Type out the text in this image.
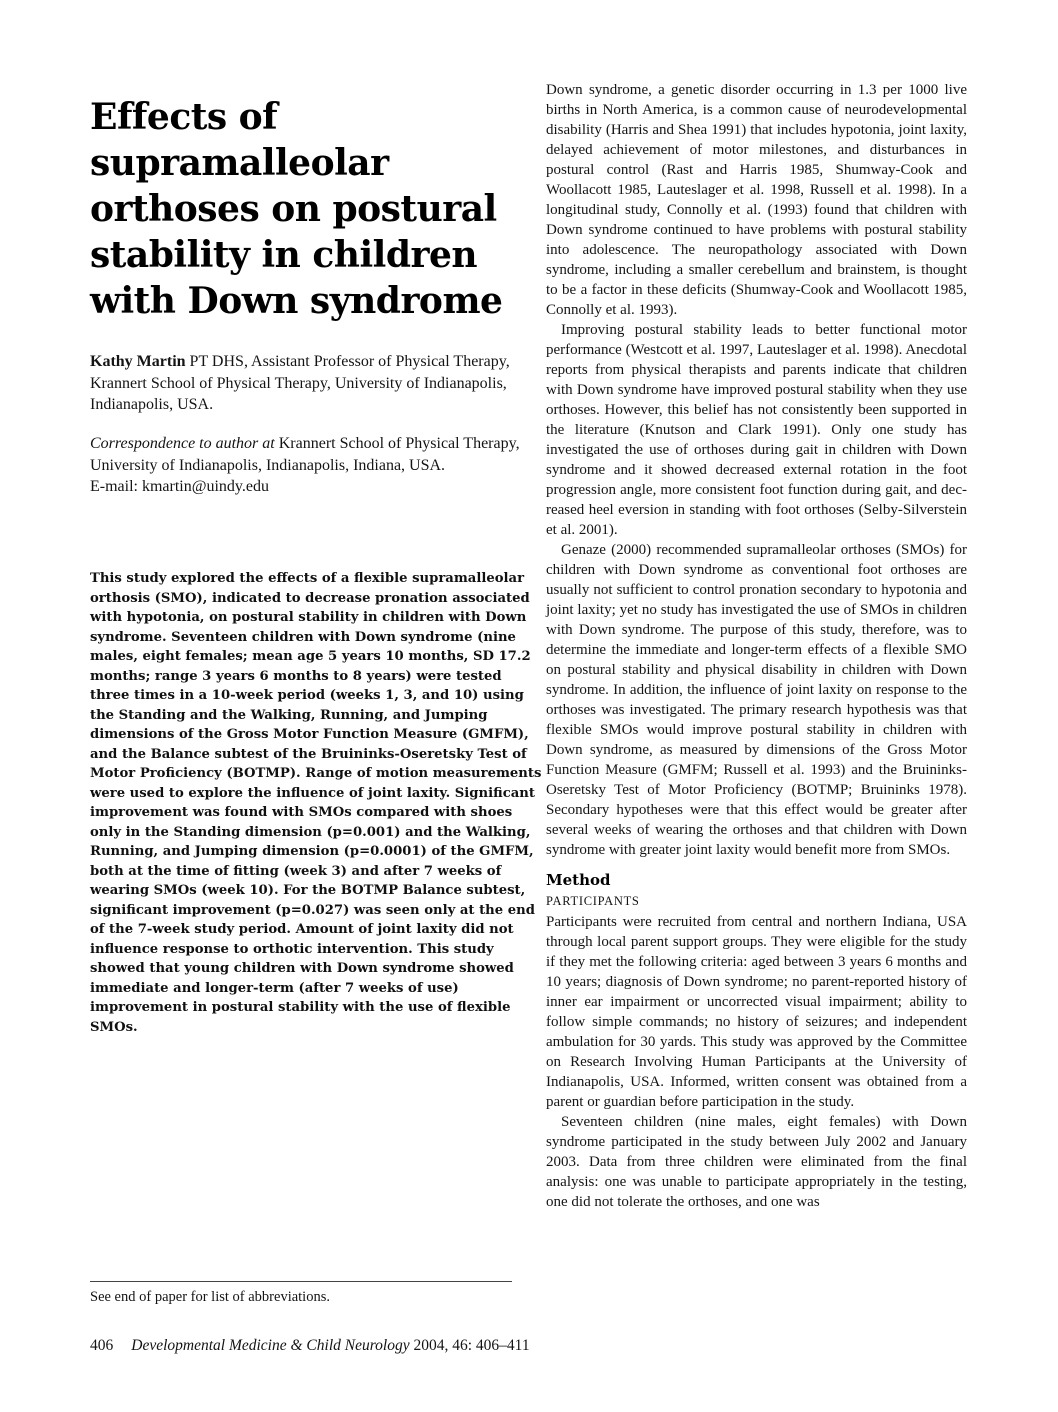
Effects of
supramalleolar
orthoses on postural
stability in children
with Down syndrome
Kathy Martin PT DHS, Assistant Professor of Physical Therapy, Krannert School of Physical Therapy, University of Indianapolis, Indianapolis, USA.
Correspondence to author at Krannert School of Physical Therapy, University of Indianapolis, Indianapolis, Indiana, USA.
E-mail: kmartin@uindy.edu
This study explored the effects of a flexible supramalleolar orthosis (SMO), indicated to decrease pronation associated with hypotonia, on postural stability in children with Down syndrome. Seventeen children with Down syndrome (nine males, eight females; mean age 5 years 10 months, SD 17.2 months; range 3 years 6 months to 8 years) were tested three times in a 10-week period (weeks 1, 3, and 10) using the Standing and the Walking, Running, and Jumping dimensions of the Gross Motor Function Measure (GMFM), and the Balance subtest of the Bruininks-Oseretsky Test of Motor Proficiency (BOTMP). Range of motion measurements were used to explore the influence of joint laxity. Significant improvement was found with SMOs compared with shoes only in the Standing dimension (p=0.001) and the Walking, Running, and Jumping dimension (p=0.0001) of the GMFM, both at the time of fitting (week 3) and after 7 weeks of wearing SMOs (week 10). For the BOTMP Balance subtest, significant improvement (p=0.027) was seen only at the end of the 7-week study period. Amount of joint laxity did not influence response to orthotic intervention. This study showed that young children with Down syndrome showed immediate and longer-term (after 7 weeks of use) improvement in postural stability with the use of flexible SMOs.
See end of paper for list of abbreviations.
406 Developmental Medicine & Child Neurology 2004, 46: 406–411

Down syndrome, a genetic disorder occurring in 1.3 per 1000 live births in North America, is a common cause of neurodevelopmental disability (Harris and Shea 1991) that includes hypotonia, joint laxity, delayed achievement of motor milestones, and disturbances in postural control (Rast and Harris 1985, Shumway-Cook and Woollacott 1985, Lauteslager et al. 1998, Russell et al. 1998). In a longitudinal study, Connolly et al. (1993) found that children with Down syndrome continued to have problems with postural stability into adolescence. The neuropathology associated with Down syndrome, including a smaller cerebellum and brainstem, is thought to be a factor in these deficits (Shumway-Cook and Woollacott 1985, Connolly et al. 1993).

Improving postural stability leads to better functional motor performance (Westcott et al. 1997, Lauteslager et al. 1998). Anecdotal reports from physical therapists and parents indicate that children with Down syndrome have improved postural stability when they use orthoses. However, this belief has not consistently been supported in the literature (Knutson and Clark 1991). Only one study has investigated the use of orthoses during gait in children with Down syndrome and it showed decreased external rotation in the foot progression angle, more consistent foot function during gait, and decreased heel eversion in standing with foot orthoses (Selby-Silverstein et al. 2001).

Genaze (2000) recommended supramalleolar orthoses (SMOs) for children with Down syndrome as conventional foot orthoses are usually not sufficient to control pronation secondary to hypotonia and joint laxity; yet no study has investigated the use of SMOs in children with Down syndrome. The purpose of this study, therefore, was to determine the immediate and longer-term effects of a flexible SMO on postural stability and physical disability in children with Down syndrome. In addition, the influence of joint laxity on response to the orthoses was investigated. The primary research hypothesis was that flexible SMOs would improve postural stability in children with Down syndrome, as measured by dimensions of the Gross Motor Function Measure (GMFM; Russell et al. 1993) and the Bruininks-Oseretsky Test of Motor Proficiency (BOTMP; Bruininks 1978). Secondary hypotheses were that this effect would be greater after several weeks of wearing the orthoses and that children with Down syndrome with greater joint laxity would benefit more from SMOs.

Method
PARTICIPANTS

Participants were recruited from central and northern Indiana, USA through local parent support groups. They were eligible for the study if they met the following criteria: aged between 3 years 6 months and 10 years; diagnosis of Down syndrome; no parent-reported history of inner ear impairment or uncorrected visual impairment; ability to follow simple commands; no history of seizures; and independent ambulation for 30 yards. This study was approved by the Committee on Research Involving Human Participants at the University of Indianapolis, USA. Informed, written consent was obtained from a parent or guardian before participation in the study.

Seventeen children (nine males, eight females) with Down syndrome participated in the study between July 2002 and January 2003. Data from three children were eliminated from the final analysis: one was unable to participate appropriately in the testing, one did not tolerate the orthoses, and one was
